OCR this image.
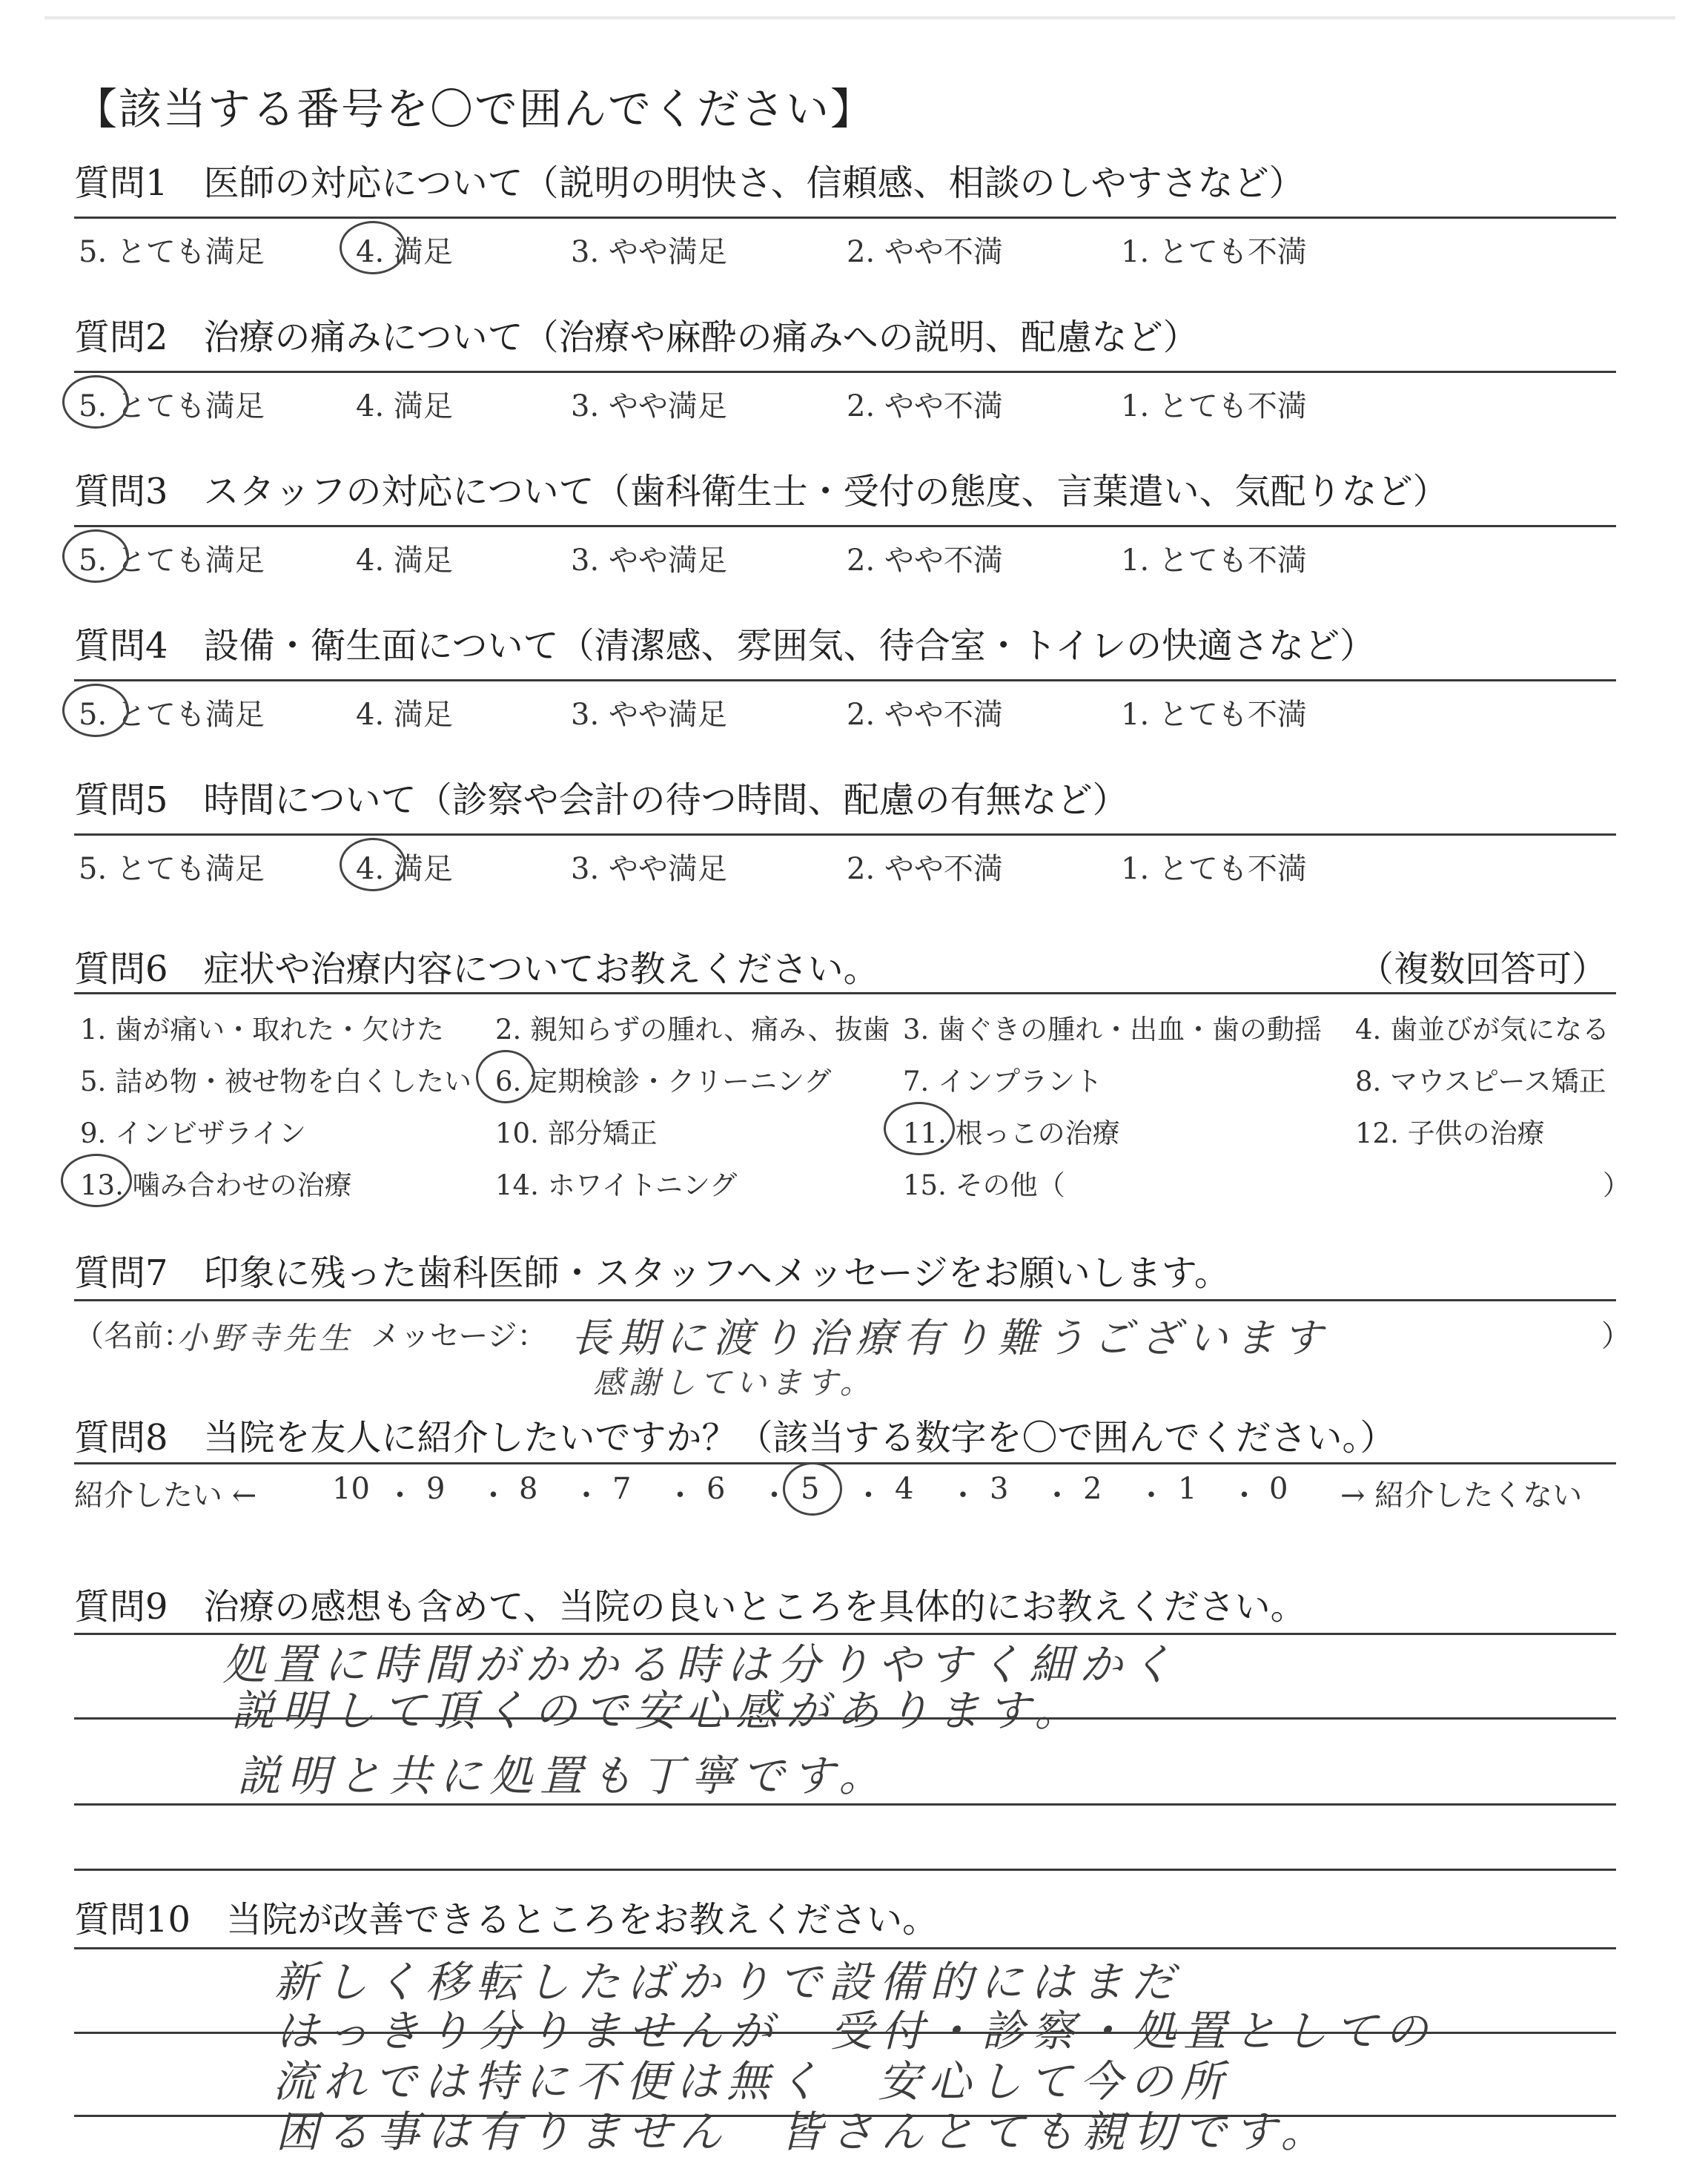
【該当する番号を〇で囲んでください】
質問1　医師の対応について（説明の明快さ、信頼感、相談のしやすさなど）
5. とても満足	4. 満足	3. やや満足	2. やや不満	1. とても不満
質問2　治療の痛みについて（治療や麻酔の痛みへの説明、配慮など）
5. とても満足	4. 満足	3. やや満足	2. やや不満	1. とても不満
質問3　スタッフの対応について（歯科衛生士・受付の態度、言葉遣い、気配りなど）
5. とても満足	4. 満足	3. やや満足	2. やや不満	1. とても不満
質問4　設備・衛生面について（清潔感、雰囲気、待合室・トイレの快適さなど）
5. とても満足	4. 満足	3. やや満足	2. やや不満	1. とても不満
質問5　時間について（診察や会計の待つ時間、配慮の有無など）
5. とても満足	4. 満足	3. やや満足	2. やや不満	1. とても不満
質問6　症状や治療内容についてお教えください。	（複数回答可）
1. 歯が痛い・取れた・欠けた 2. 親知らずの腫れ、痛み、抜歯 3. 歯ぐきの腫れ・出血・歯の動揺 4. 歯並びが気になる
5. 詰め物・被せ物を白くしたい 6. 定期検診・クリーニング	7. インプラント	8. マウスピース矯正
9. インビザライン	10. 部分矯正	11. 根っこの治療	12. 子供の治療
13. 噛み合わせの治療	14. ホワイトニング	15. その他（	）
質問7　印象に残った歯科医師・スタッフへメッセージをお願いします。
（名前：
小野寺先生 メッセージ： 長期に渡り治療有り難うございます
感謝しています。
）
質問8　当院を友人に紹介したいですか？（該当する数字を〇で囲んでください。）
紹介したい ←	→ 紹介したくない
10 ・ 9 ・ 8 ・ 7 ・ 6 ・ 5 ・ 4 ・ 3 ・ 2 ・ 1 ・ 0
質問9　治療の感想も含めて、当院の良いところを具体的にお教えください。
処置に時間がかかる時は分りやすく細かく
説明して頂くので安心感があります。
説明と共に処置も丁寧です。
質問10　当院が改善できるところをお教えください。
新しく移転したばかりで設備的にはまだ
はっきり分りませんが　受付・診察・処置としての
流れでは特に不便は無く　安心して今の所
困る事は有りません　皆さんとても親切です。
